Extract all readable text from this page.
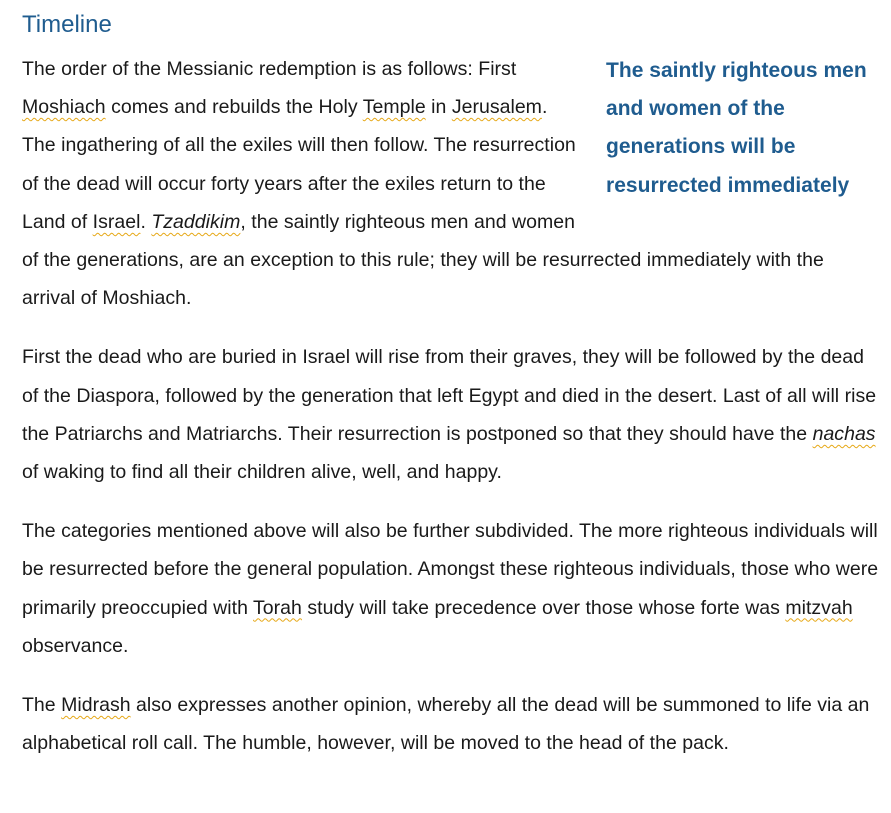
Timeline

The saintly righteous men and women of the generations will be resurrected immediately
The order of the Messianic redemption is as follows: First Moshiach comes and rebuilds the Holy Temple in Jerusalem. The ingathering of all the exiles will then follow. The resurrection of the dead will occur forty years after the exiles return to the Land of Israel. Tzaddikim, the saintly righteous men and women of the generations, are an exception to this rule; they will be resurrected immediately with the arrival of Moshiach.

First the dead who are buried in Israel will rise from their graves, they will be followed by the dead of the Diaspora, followed by the generation that left Egypt and died in the desert. Last of all will rise the Patriarchs and Matriarchs. Their resurrection is postponed so that they should have the nachas of waking to find all their children alive, well, and happy.

The categories mentioned above will also be further subdivided. The more righteous individuals will be resurrected before the general population. Amongst these righteous individuals, those who were primarily preoccupied with Torah study will take precedence over those whose forte was mitzvah observance.

The Midrash also expresses another opinion, whereby all the dead will be summoned to life via an alphabetical roll call. The humble, however, will be moved to the head of the pack.
